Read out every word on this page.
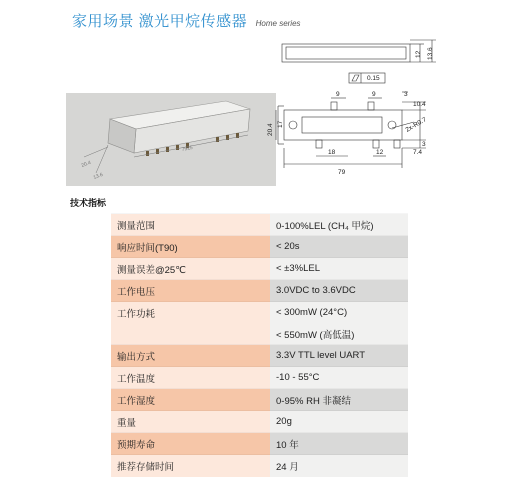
家用场景 激光甲烷传感器 Home series
20.4
13.6
79±5
12 13.6
0.15
9	9	3
10.4
20.4 17	2x-R0.7
18	12
3
7.4
79
技术指标
测量范围	0-100%LEL (CH₄ 甲烷)
响应时间(T90)	< 20s
测量误差@25℃	< ±3%LEL
工作电压	3.0VDC to 3.6VDC
工作功耗	< 300mW (24°C)
	< 550mW (高低温)
输出方式	3.3V TTL level UART
工作温度	-10 - 55°C
工作湿度	0-95% RH 非凝结
重量	20g
预期寿命	10 年
推荐存储时间	24 月
